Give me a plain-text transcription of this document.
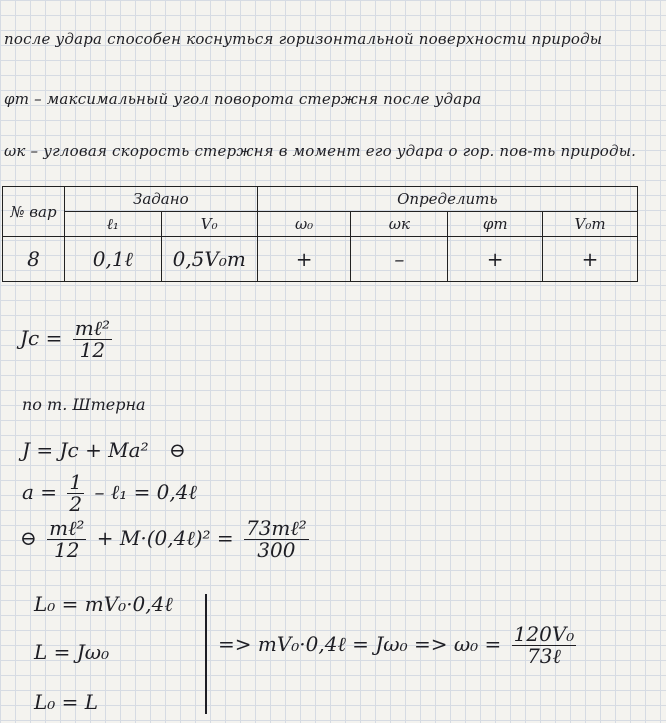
после удара способен коснуться горизонтальной поверхности природы
φm – максимальный угол поворота стержня после удара
ωк – угловая скорость стержня в момент его удара о гор. пов-ть природы.
№ вар	Задано		Определить			
	ℓ₁	V₀	ω₀	ωк	φm	V₀m
8	0,1ℓ	0,5V₀m	+	–	+	+
$Jc = \frac{\text{mℓ²}}{12}$
по т. Штерна
J = Jc + Ma² ⊖
$a = \frac{1}{2}$ – ℓ₁ = 0,4ℓ
⊖ $\frac{\text{mℓ²}}{12}$ + M·(0,4ℓ)² = $\frac{\text{73mℓ²}}{300}$
L₀ = mV₀·0,4ℓ
L = Jω₀
L₀ = L
=> mV₀·0,4ℓ = $J\omega_0 => \omega_0 = \frac{\text{120V₀}}{\text{73ℓ}}$
